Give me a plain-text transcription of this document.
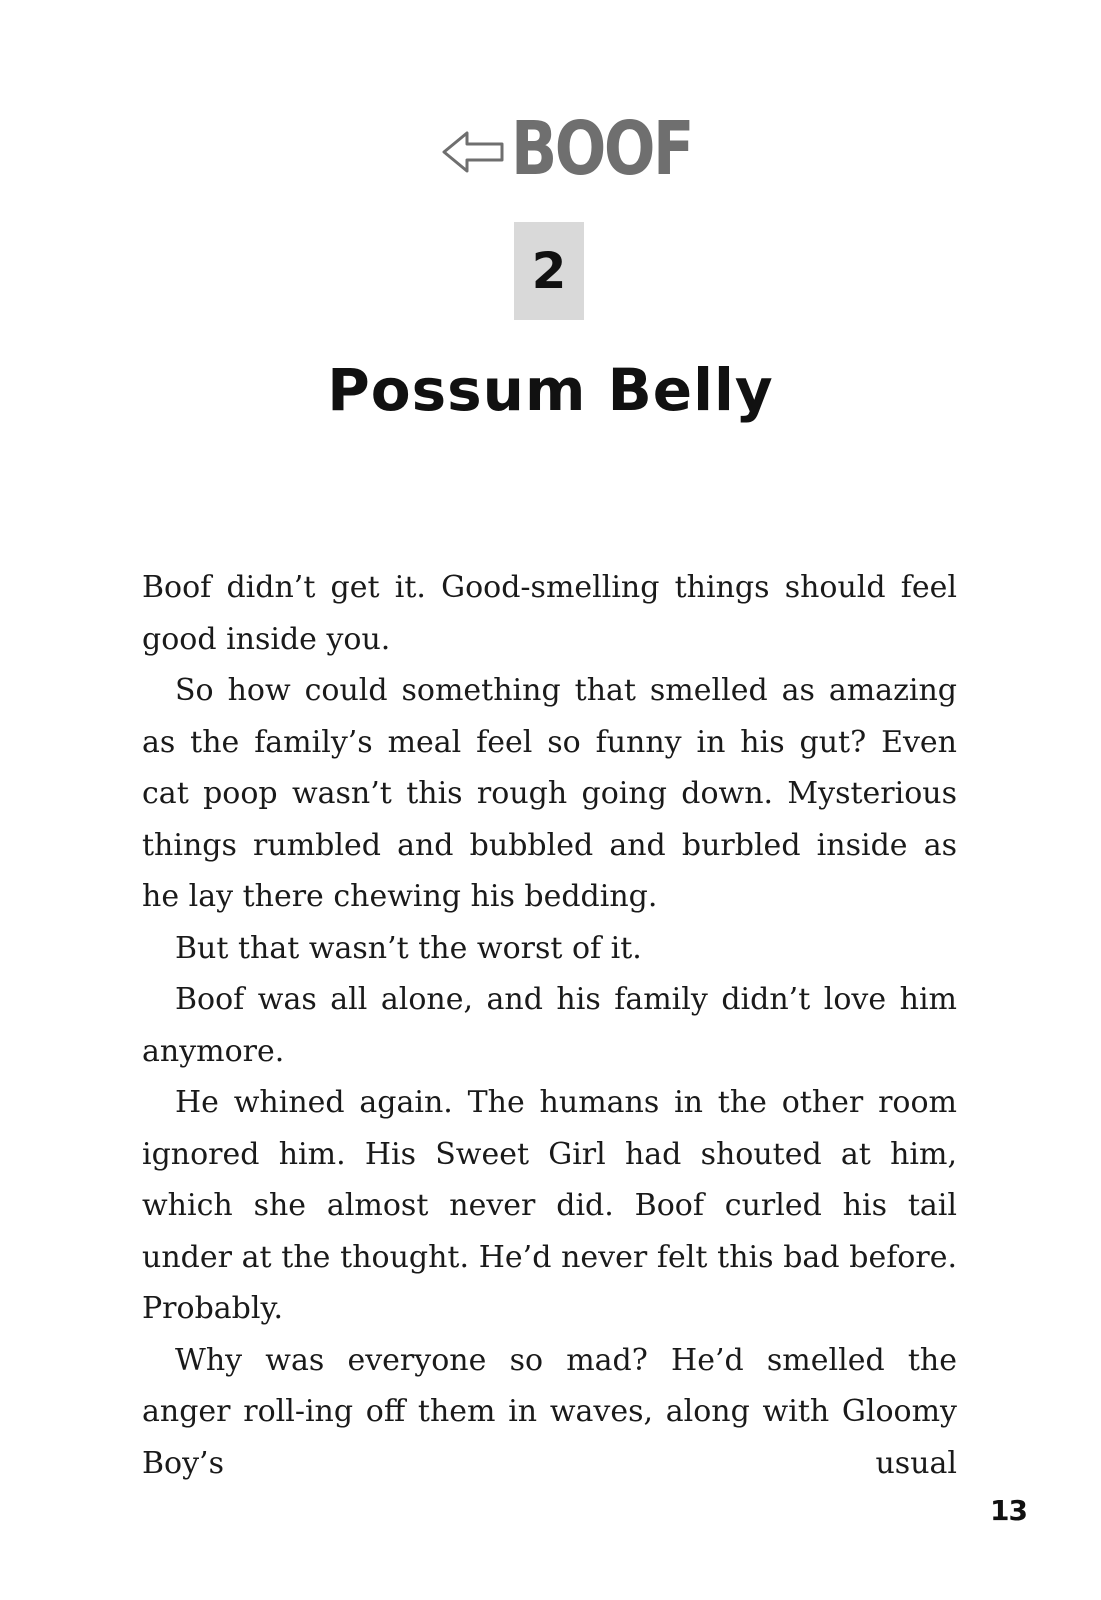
BOOF
2
Possum Belly

Boof didn’t get it. Good-smelling things should feel good inside you.

So how could something that smelled as amazing as the family’s meal feel so funny in his gut? Even cat poop wasn’t this rough going down. Mysterious things rumbled and bubbled and burbled inside as he lay there chewing his bedding.

But that wasn’t the worst of it.

Boof was all alone, and his family didn’t love him anymore.

He whined again. The humans in the other room ignored him. His Sweet Girl had shouted at him, which she almost never did. Boof curled his tail under at the thought. He’d never felt this bad before. Probably.

Why was everyone so mad? He’d smelled the anger roll-ing off them in waves, along with Gloomy Boy’s usual

13
